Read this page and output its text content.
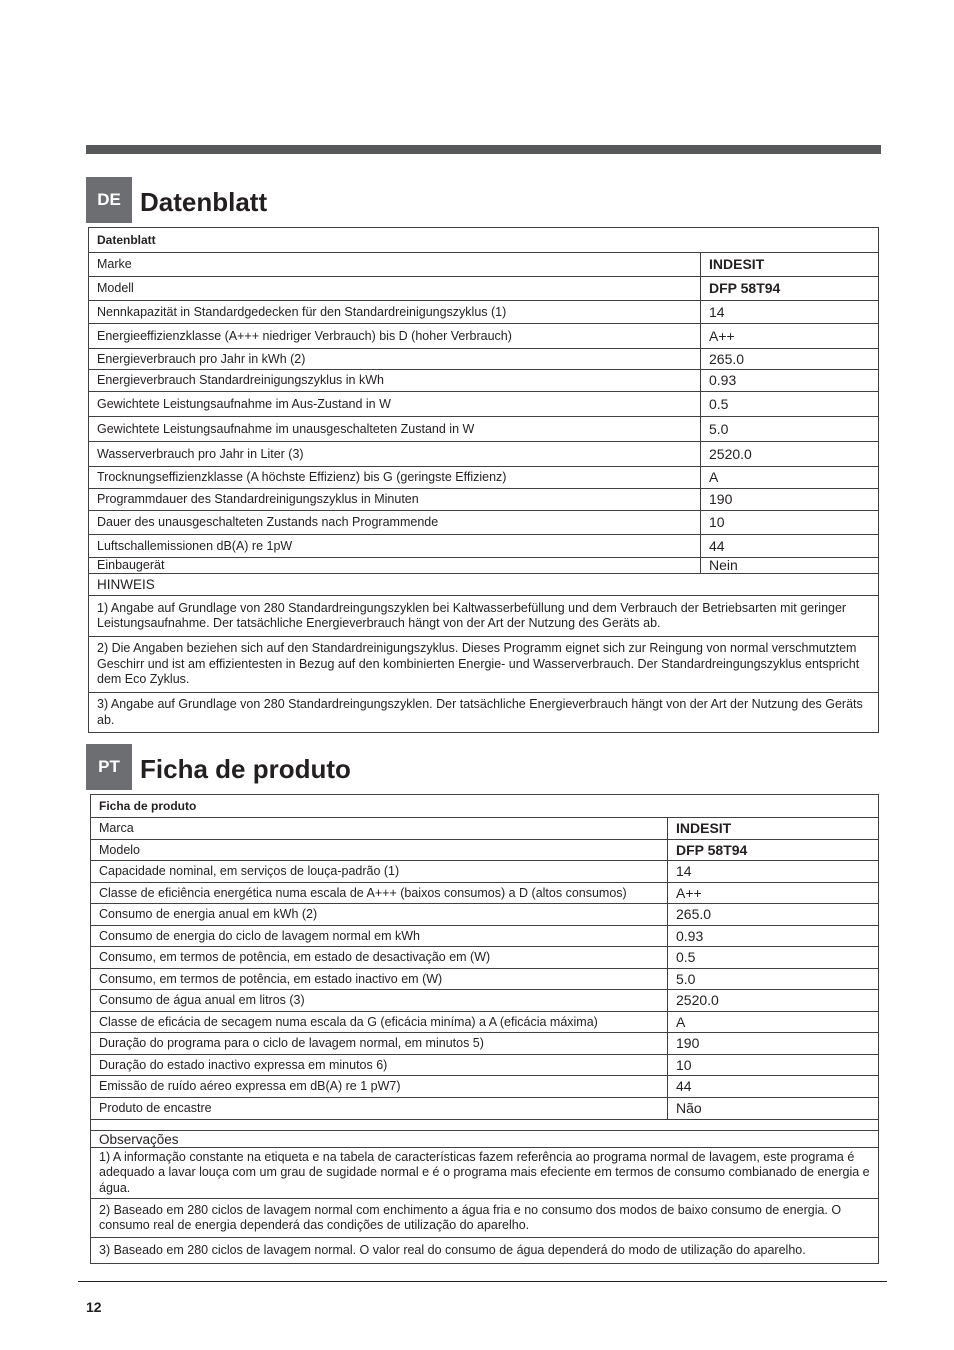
DE Datenblatt
Datenblatt	
Marke	INDESIT
Modell	DFP 58T94
Nennkapazität in Standardgedecken für den Standardreinigungszyklus (1)	14
Energieeffizienzklasse (A+++ niedriger Verbrauch) bis D (hoher Verbrauch)	A++
Energieverbrauch pro Jahr in kWh (2)	265.0
Energieverbrauch Standardreinigungszyklus in kWh	0.93
Gewichtete Leistungsaufnahme im Aus-Zustand in W	0.5
Gewichtete Leistungsaufnahme im unausgeschalteten Zustand in W	5.0
Wasserverbrauch pro Jahr in Liter (3)	2520.0
Trocknungseffizienzklasse (A höchste Effizienz) bis G (geringste Effizienz)	A
Programmdauer des Standardreinigungszyklus in Minuten	190
Dauer des unausgeschalteten Zustands nach Programmende	10
Luftschallemissionen dB(A) re 1pW	44
Einbaugerät	Nein
HINWEIS	
1) Angabe auf Grundlage von 280 Standardreingungszyklen bei Kaltwasserbefüllung und dem Verbrauch der Betriebsarten mit geringer Leistungsaufnahme. Der tatsächliche Energieverbrauch hängt von der Art der Nutzung des Geräts ab.	
2) Die Angaben beziehen sich auf den Standardreinigungszyklus. Dieses Programm eignet sich zur Reingung von normal verschmutztem Geschirr und ist am effizientesten in Bezug auf den kombinierten Energie- und Wasserverbrauch. Der Standardreingungszyklus entspricht dem Eco Zyklus.	
3) Angabe auf Grundlage von 280 Standardreingungszyklen. Der tatsächliche Energieverbrauch hängt von der Art der Nutzung des Geräts ab.	
PT Ficha de produto
Ficha de produto	
Marca	INDESIT
Modelo	DFP 58T94
Capacidade nominal, em serviços de louça-padrão (1)	14
Classe de eficiência energética numa escala de A+++ (baixos consumos) a D (altos consumos)	A++
Consumo de energia anual em kWh (2)	265.0
Consumo de energia do ciclo de lavagem normal em kWh	0.93
Consumo, em termos de potência, em estado de desactivação em (W)	0.5
Consumo, em termos de potência, em estado inactivo em (W)	5.0
Consumo de água anual em litros (3)	2520.0
Classe de eficácia de secagem numa escala da G (eficácia miníma) a A (eficácia máxima)	A
Duração do programa para o ciclo de lavagem normal, em minutos 5)	190
Duração do estado inactivo expressa em minutos 6)	10
Emissão de ruído aéreo expressa em dB(A) re 1 pW7)	44
Produto de encastre	Não

Observações	
1) A informação constante na etiqueta e na tabela de características fazem referência ao programa normal de lavagem, este programa é adequado a lavar louça com um grau de sugidade normal e é o programa mais efeciente em termos de consumo combianado de energia e água.	
2) Baseado em 280 ciclos de lavagem normal com enchimento a água fria e no consumo dos modos de baixo consumo de energia. O consumo real de energia dependerá das condições de utilização do aparelho.	
3) Baseado em 280 ciclos de lavagem normal. O valor real do consumo de água dependerá do modo de utilização do aparelho.	
12
